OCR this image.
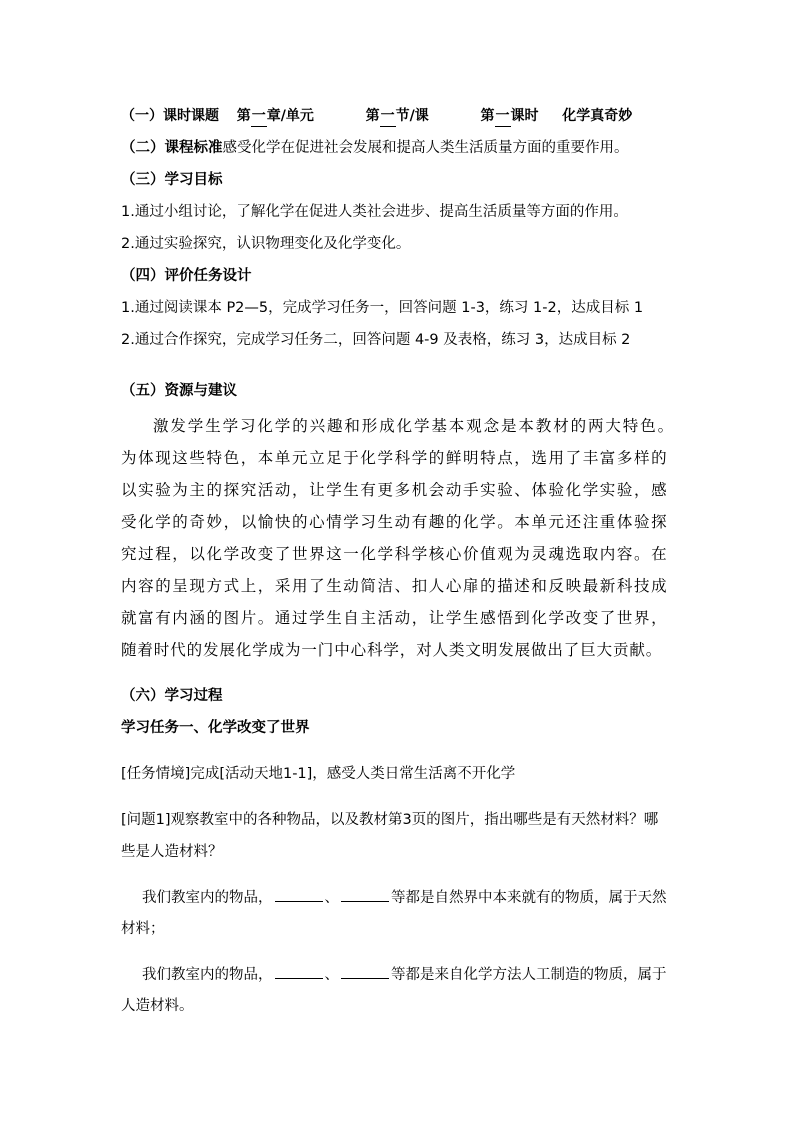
（一）课时课题 第一章/单元	第一节/课	第一课时 化学真奇妙
（二）课程标准感受化学在促进社会发展和提高人类生活质量方面的重要作用。
（三）学习目标
1.通过小组讨论，了解化学在促进人类社会进步、提高生活质量等方面的作用。
2.通过实验探究，认识物理变化及化学变化。
（四）评价任务设计
1.通过阅读课本 P2—5，完成学习任务一，回答问题 1-3，练习 1-2，达成目标 1
2.通过合作探究，完成学习任务二，回答问题 4-9 及表格，练习 3，达成目标 2
（五）资源与建议
激发学生学习化学的兴趣和形成化学基本观念是本教材的两大特色。
为体现这些特色，本单元立足于化学科学的鲜明特点，选用了丰富多样的
以实验为主的探究活动，让学生有更多机会动手实验、体验化学实验，感
受化学的奇妙，以愉快的心情学习生动有趣的化学。本单元还注重体验探
究过程，以化学改变了世界这一化学科学核心价值观为灵魂选取内容。在
内容的呈现方式上，采用了生动简洁、扣人心扉的描述和反映最新科技成
就富有内涵的图片。通过学生自主活动，让学生感悟到化学改变了世界，
随着时代的发展化学成为一门中心科学，对人类文明发展做出了巨大贡献。
（六）学习过程
学习任务一、化学改变了世界
[任务情境]完成[活动天地1-1]，感受人类日常生活离不开化学
[问题1]观察教室中的各种物品，以及教材第3页的图片，指出哪些是有天然材料？哪
些是人造材料？
我们教室内的物品，	、	等都是自然界中本来就有的物质，属于天然
材料；
我们教室内的物品，	、	等都是来自化学方法人工制造的物质，属于
人造材料。
